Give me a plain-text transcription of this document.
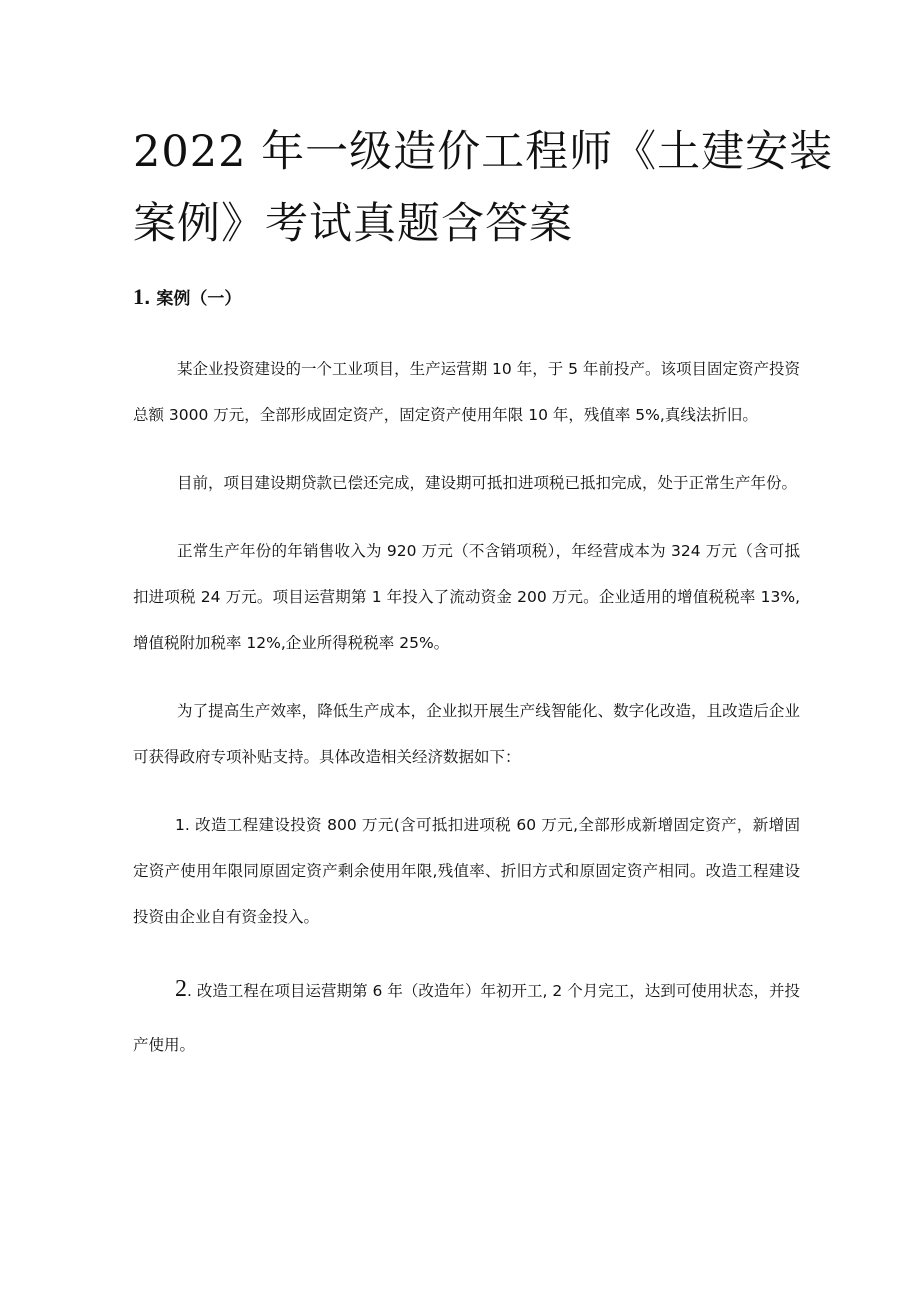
2022 年一级造价工程师《土建安装
案例》考试真题含答案
1. 案例（一）

某企业投资建设的一个工业项目，生产运营期 10 年，于 5 年前投产。该项目固定资产投资总额 3000 万元，全部形成固定资产，固定资产使用年限 10 年，残值率 5%,真线法折旧。

目前，项目建设期贷款已偿还完成，建设期可抵扣进项税已抵扣完成，处于正常生产年份。

正常生产年份的年销售收入为 920 万元（不含销项税），年经营成本为 324 万元（含可抵扣进项税 24 万元。项目运营期第 1 年投入了流动资金 200 万元。企业适用的增值税税率 13%,增值税附加税率 12%,企业所得税税率 25%。

为了提高生产效率，降低生产成本，企业拟开展生产线智能化、数字化改造，且改造后企业可获得政府专项补贴支持。具体改造相关经济数据如下：

1. 改造工程建设投资 800 万元(含可抵扣进项税 60 万元,全部形成新增固定资产，新增固定资产使用年限同原固定资产剩余使用年限,残值率、折旧方式和原固定资产相同。改造工程建设投资由企业自有资金投入。

2. 改造工程在项目运营期第 6 年（改造年）年初开工, 2 个月完工，达到可使用状态，并投产使用。
